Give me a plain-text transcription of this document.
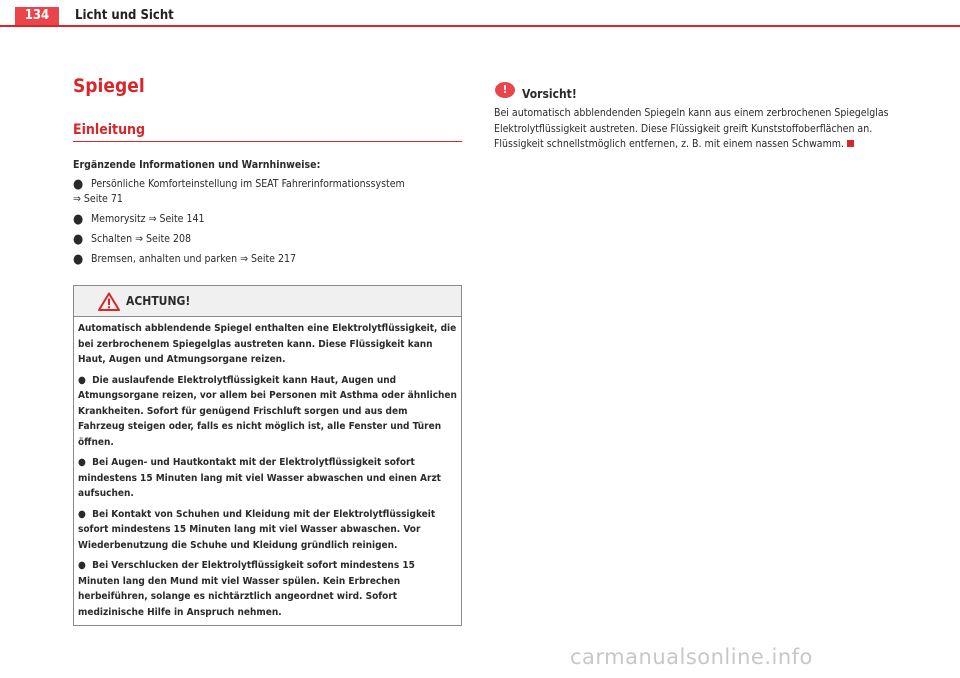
134	Licht und Sicht
Spiegel
Einleitung
Ergänzende Informationen und Warnhinweise:
● Persönliche Komforteinstellung im SEAT Fahrerinformationssystem
⇒ Seite 71
● Memorysitz ⇒ Seite 141
● Schalten ⇒ Seite 208
● Bremsen, anhalten und parken ⇒ Seite 217
ACHTUNG!

Automatisch abblendende Spiegel enthalten eine Elektrolytflüssigkeit, die bei zerbrochenem Spiegelglas austreten kann. Diese Flüssigkeit kann Haut, Augen und Atmungsorgane reizen.

● Die auslaufende Elektrolytflüssigkeit kann Haut, Augen und Atmungsorgane reizen, vor allem bei Personen mit Asthma oder ähnlichen Krankheiten. Sofort für genügend Frischluft sorgen und aus dem Fahrzeug steigen oder, falls es nicht möglich ist, alle Fenster und Türen öffnen.

● Bei Augen- und Hautkontakt mit der Elektrolytflüssigkeit sofort mindestens 15 Minuten lang mit viel Wasser abwaschen und einen Arzt aufsuchen.

● Bei Kontakt von Schuhen und Kleidung mit der Elektrolytflüssigkeit sofort mindestens 15 Minuten lang mit viel Wasser abwaschen. Vor Wiederbenutzung die Schuhe und Kleidung gründlich reinigen.

● Bei Verschlucken der Elektrolytflüssigkeit sofort mindestens 15 Minuten lang den Mund mit viel Wasser spülen. Kein Erbrechen herbeiführen, solange es nichtärztlich angeordnet wird. Sofort medizinische Hilfe in Anspruch nehmen.

!	Vorsicht!
Bei automatisch abblendenden Spiegeln kann aus einem zerbrochenen Spiegelglas Elektrolytflüssigkeit austreten. Diese Flüssigkeit greift Kunststoffoberflächen an. Flüssigkeit schnellstmöglich entfernen, z. B. mit einem nassen Schwamm.
carmanualsonline.info
